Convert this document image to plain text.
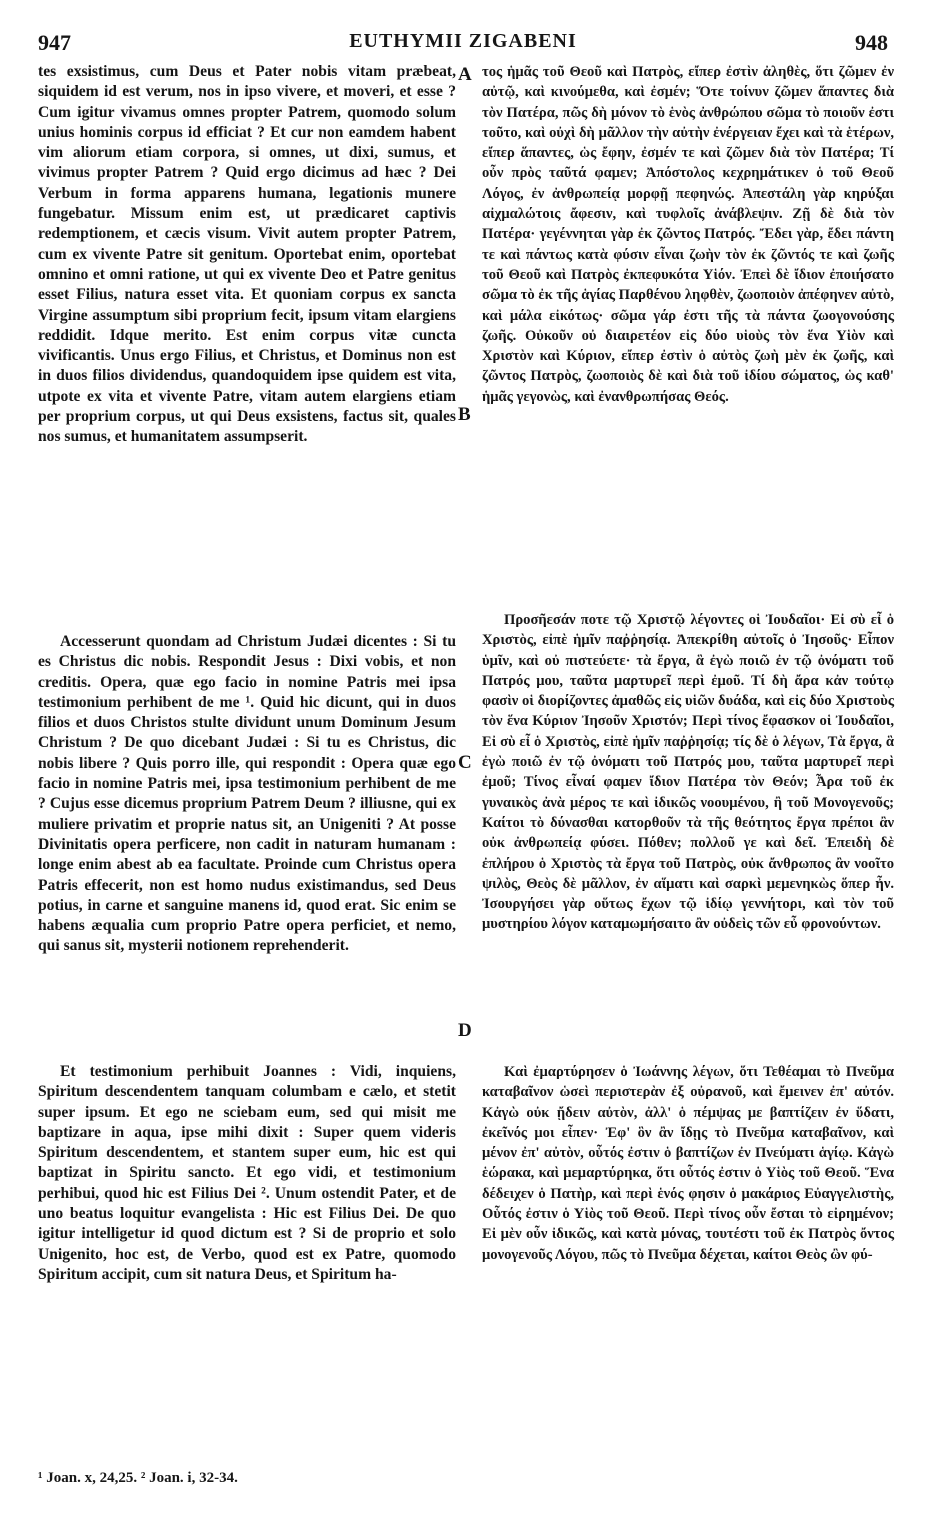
947	EUTHYMII ZIGABENI	948
A
B
C
D

tes exsistimus, cum Deus et Pater nobis vitam præbeat, siquidem id est verum, nos in ipso vivere, et moveri, et esse ? Cum igitur vivamus omnes propter Patrem, quomodo solum unius hominis corpus id efficiat ? Et cur non eamdem habent vim aliorum etiam corpora, si omnes, ut dixi, sumus, et vivimus propter Patrem ? Quid ergo dicimus ad hæc ? Dei Verbum in forma apparens humana, legationis munere fungebatur. Missum enim est, ut prædicaret captivis redemptionem, et cæcis visum. Vivit autem propter Patrem, cum ex vivente Patre sit genitum. Oportebat enim, oportebat omnino et omni ratione, ut qui ex vivente Deo et Patre genitus esset Filius, natura esset vita. Et quoniam corpus ex sancta Virgine assumptum sibi proprium fecit, ipsum vitam elargiens reddidit. Idque merito. Est enim corpus vitæ cuncta vivificantis. Unus ergo Filius, et Christus, et Dominus non est in duos filios dividendus, quandoquidem ipse quidem est vita, utpote ex vita et vivente Patre, vitam autem elargiens etiam per proprium corpus, ut qui Deus exsistens, factus sit, quales nos sumus, et humanitatem assumpserit.

Accesserunt quondam ad Christum Judæi dicentes : Si tu es Christus dic nobis. Respondit Jesus : Dixi vobis, et non creditis. Opera, quæ ego facio in nomine Patris mei ipsa testimonium perhibent de me ¹. Quid hic dicunt, qui in duos filios et duos Christos stulte dividunt unum Dominum Jesum Christum ? De quo dicebant Judæi : Si tu es Christus, dic nobis libere ? Quis porro ille, qui respondit : Opera quæ ego facio in nomine Patris mei, ipsa testimonium perhibent de me ? Cujus esse dicemus proprium Patrem Deum ? illiusne, qui ex muliere privatim et proprie natus sit, an Unigeniti ? At posse Divinitatis opera perficere, non cadit in naturam humanam : longe enim abest ab ea facultate. Proinde cum Christus opera Patris effecerit, non est homo nudus existimandus, sed Deus potius, in carne et sanguine manens id, quod erat. Sic enim se habens æqualia cum proprio Patre opera perficiet, et nemo, qui sanus sit, mysterii notionem reprehenderit.

Et testimonium perhibuit Joannes : Vidi, inquiens, Spiritum descendentem tanquam columbam e cælo, et stetit super ipsum. Et ego ne sciebam eum, sed qui misit me baptizare in aqua, ipse mihi dixit : Super quem videris Spiritum descendentem, et stantem super eum, hic est qui baptizat in Spiritu sancto. Et ego vidi, et testimonium perhibui, quod hic est Filius Dei ². Unum ostendit Pater, et de uno beatus loquitur evangelista : Hic est Filius Dei. De quo igitur intelligetur id quod dictum est ? Si de proprio et solo Unigenito, hoc est, de Verbo, quod est ex Patre, quomodo Spiritum accipit, cum sit natura Deus, et Spiritum ha-

τος ἡμᾶς τοῦ Θεοῦ καὶ Πατρὸς, εἴπερ ἐστὶν ἀληθὲς, ὅτι ζῶμεν ἐν αὐτῷ, καὶ κινούμεθα, καὶ ἐσμέν; Ὅτε τοίνυν ζῶμεν ἅπαντες διὰ τὸν Πατέρα, πῶς δὴ μόνον τὸ ἑνὸς ἀνθρώπου σῶμα τὸ ποιοῦν ἐστι τοῦτο, καὶ οὐχὶ δὴ μᾶλλον τὴν αὐτὴν ἐνέργειαν ἔχει καὶ τὰ ἑτέρων, εἴπερ ἅπαντες, ὡς ἔφην, ἐσμέν τε καὶ ζῶμεν διὰ τὸν Πατέρα; Τί οὖν πρὸς ταῦτά φαμεν; Ἀπόστολος κεχρημάτικεν ὁ τοῦ Θεοῦ Λόγος, ἐν ἀνθρωπείᾳ μορφῇ πεφηνώς. Ἀπεστάλη γὰρ κηρύξαι αἰχμαλώτοις ἄφεσιν, καὶ τυφλοῖς ἀνάβλεψιν. Ζῇ δὲ διὰ τὸν Πατέρα· γεγέννηται γὰρ ἐκ ζῶντος Πατρός. Ἔδει γὰρ, ἔδει πάντη τε καὶ πάντως κατὰ φύσιν εἶναι ζωὴν τὸν ἐκ ζῶντός τε καὶ ζωῆς τοῦ Θεοῦ καὶ Πατρὸς ἐκπεφυκότα Υἱόν. Ἐπεὶ δὲ ἴδιον ἐποιήσατο σῶμα τὸ ἐκ τῆς ἁγίας Παρθένου ληφθὲν, ζωοποιὸν ἀπέφηνεν αὐτὸ, καὶ μάλα εἰκότως· σῶμα γάρ ἐστι τῆς τὰ πάντα ζωογονούσης ζωῆς. Οὐκοῦν οὐ διαιρετέον εἰς δύο υἱοὺς τὸν ἕνα Υἱὸν καὶ Χριστὸν καὶ Κύριον, εἴπερ ἐστὶν ὁ αὐτὸς ζωὴ μὲν ἐκ ζωῆς, καὶ ζῶντος Πατρὸς, ζωοποιὸς δὲ καὶ διὰ τοῦ ἰδίου σώματος, ὡς καθ' ἡμᾶς γεγονὼς, καὶ ἐνανθρωπήσας Θεός.

Προσῆεσάν ποτε τῷ Χριστῷ λέγοντες οἱ Ἰουδαῖοι· Εἰ σὺ εἶ ὁ Χριστὸς, εἰπὲ ἡμῖν παῤῥησίᾳ. Ἀπεκρίθη αὐτοῖς ὁ Ἰησοῦς· Εἶπον ὑμῖν, καὶ οὐ πιστεύετε· τὰ ἔργα, ἃ ἐγὼ ποιῶ ἐν τῷ ὀνόματι τοῦ Πατρός μου, ταῦτα μαρτυρεῖ περὶ ἐμοῦ. Τί δὴ ἄρα κἀν τούτῳ φασὶν οἱ διορίζοντες ἀμαθῶς εἰς υἱῶν δυάδα, καὶ εἰς δύο Χριστοὺς τὸν ἕνα Κύριον Ἰησοῦν Χριστόν; Περὶ τίνος ἔφασκον οἱ Ἰουδαῖοι, Εἰ σὺ εἶ ὁ Χριστὸς, εἰπὲ ἡμῖν παῤῥησίᾳ; τίς δὲ ὁ λέγων, Τὰ ἔργα, ἃ ἐγὼ ποιῶ ἐν τῷ ὀνόματι τοῦ Πατρός μου, ταῦτα μαρτυρεῖ περὶ ἐμοῦ; Τίνος εἶναί φαμεν ἴδιον Πατέρα τὸν Θεόν; Ἆρα τοῦ ἐκ γυναικὸς ἀνὰ μέρος τε καὶ ἰδικῶς νοουμένου, ἢ τοῦ Μονογενοῦς; Καίτοι τὸ δύνασθαι κατορθοῦν τὰ τῆς θεότητος ἔργα πρέποι ἂν οὐκ ἀνθρωπείᾳ φύσει. Πόθεν; πολλοῦ γε καὶ δεῖ. Ἐπειδὴ δὲ ἐπλήρου ὁ Χριστὸς τὰ ἔργα τοῦ Πατρὸς, οὐκ ἄνθρωπος ἂν νοοῖτο ψιλὸς, Θεὸς δὲ μᾶλλον, ἐν αἵματι καὶ σαρκὶ μεμενηκὼς ὅπερ ἦν. Ἰσουργήσει γὰρ οὕτως ἔχων τῷ ἰδίῳ γεννήτορι, καὶ τὸν τοῦ μυστηρίου λόγον καταμωμήσαιτο ἂν οὐδεὶς τῶν εὖ φρονούντων.

Καὶ ἐμαρτύρησεν ὁ Ἰωάννης λέγων, ὅτι Τεθέαμαι τὸ Πνεῦμα καταβαῖνον ὡσεὶ περιστερὰν ἐξ οὐρανοῦ, καὶ ἔμεινεν ἐπ' αὐτόν. Κἀγὼ οὐκ ᾔδειν αὐτὸν, ἀλλ' ὁ πέμψας με βαπτίζειν ἐν ὕδατι, ἐκεῖνός μοι εἶπεν· Ἐφ' ὃν ἂν ἴδῃς τὸ Πνεῦμα καταβαῖνον, καὶ μένον ἐπ' αὐτὸν, οὗτός ἐστιν ὁ βαπτίζων ἐν Πνεύματι ἁγίῳ. Κἀγὼ ἑώρακα, καὶ μεμαρτύρηκα, ὅτι οὗτός ἐστιν ὁ Υἱὸς τοῦ Θεοῦ. Ἕνα δέδειχεν ὁ Πατὴρ, καὶ περὶ ἑνός φησιν ὁ μακάριος Εὐαγγελιστὴς, Οὗτός ἐστιν ὁ Υἱὸς τοῦ Θεοῦ. Περὶ τίνος οὖν ἔσται τὸ εἰρημένον; Εἰ μὲν οὖν ἰδικῶς, καὶ κατὰ μόνας, τουτέστι τοῦ ἐκ Πατρὸς ὄντος μονογενοῦς Λόγου, πῶς τὸ Πνεῦμα δέχεται, καίτοι Θεὸς ὢν φύ-

¹ Joan. x, 24,25. ² Joan. i, 32-34.
